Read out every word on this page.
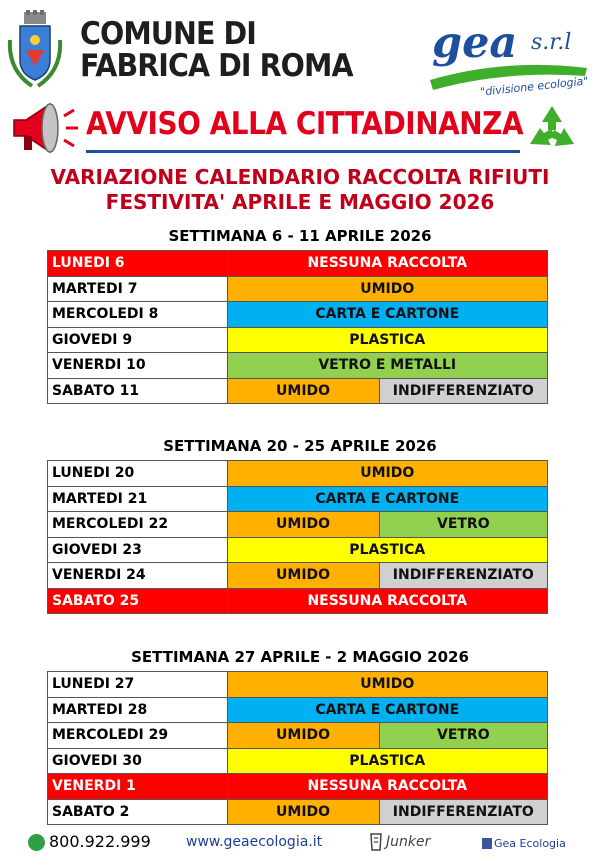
COMUNE DI
FABRICA DI ROMA gea s.r.l
"divisione ecologia"
AVVISO ALLA CITTADINANZA
VARIAZIONE CALENDARIO RACCOLTA RIFIUTI
FESTIVITA' APRILE E MAGGIO 2026
SETTIMANA 6 - 11 APRILE 2026
LUNEDI 6	NESSUNA RACCOLTA	
MARTEDI 7	UMIDO	
MERCOLEDI 8	CARTA E CARTONE	
GIOVEDI 9	PLASTICA	
VENERDI 10	VETRO E METALLI	
SABATO 11	UMIDO	INDIFFERENZIATO
SETTIMANA 20 - 25 APRILE 2026
LUNEDI 20	UMIDO	
MARTEDI 21	CARTA E CARTONE	
MERCOLEDI 22	UMIDO	VETRO
GIOVEDI 23	PLASTICA	
VENERDI 24	UMIDO	INDIFFERENZIATO
SABATO 25	NESSUNA RACCOLTA	
SETTIMANA 27 APRILE - 2 MAGGIO 2026
LUNEDI 27	UMIDO	
MARTEDI 28	CARTA E CARTONE	
MERCOLEDI 29	UMIDO	VETRO
GIOVEDI 30	PLASTICA	
VENERDI 1	NESSUNA RACCOLTA	
SABATO 2	UMIDO	INDIFFERENZIATO
800.922.999	www.geaecologia.it	Junker	Gea Ecologia
